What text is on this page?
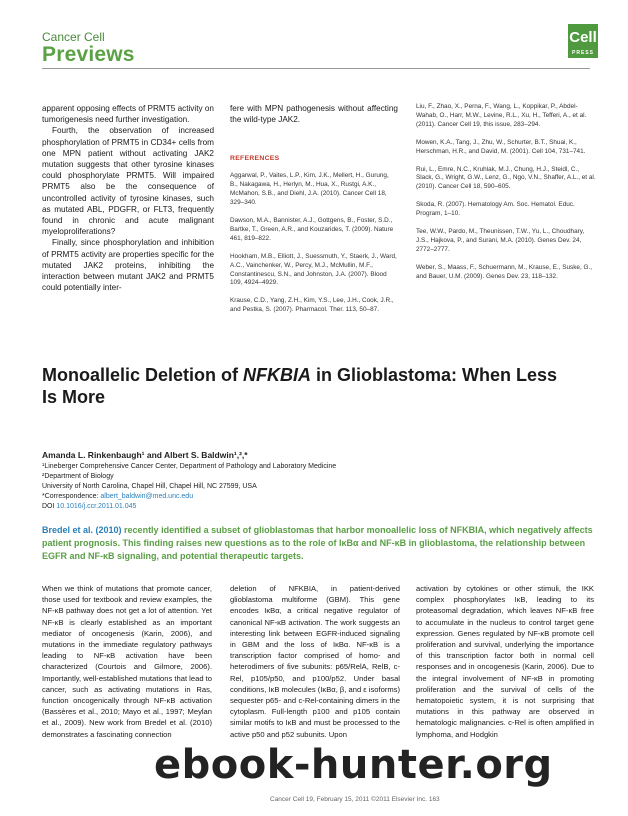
Cancer Cell
Previews
Cell
PRESS

apparent opposing effects of PRMT5 activity on tumorigenesis need further investigation.

Fourth, the observation of increased phosphorylation of PRMT5 in CD34+ cells from one MPN patient without activating JAK2 mutation suggests that other tyrosine kinases could phosphorylate PRMT5. Will impaired PRMT5 also be the consequence of uncontrolled activity of tyrosine kinases, such as mutated ABL, PDGFR, or FLT3, frequently found in chronic and acute malignant myeloproliferations?

Finally, since phosphorylation and inhibition of PRMT5 activity are properties specific for the mutated JAK2 proteins, inhibiting the interaction between mutant JAK2 and PRMT5 could potentially inter-

fere with MPN pathogenesis without affecting the wild-type JAK2.

REFERENCES
Aggarwal, P., Vaites, L.P., Kim, J.K., Mellert, H., Gurung, B., Nakagawa, H., Herlyn, M., Hua, X., Rustgi, A.K., McMahon, S.B., and Diehl, J.A. (2010). Cancer Cell 18, 329–340.
Dawson, M.A., Bannister, A.J., Gottgens, B., Foster, S.D., Bartke, T., Green, A.R., and Kouzarides, T. (2009). Nature 461, 819–822.
Hookham, M.B., Elliott, J., Suessmuth, Y., Staerk, J., Ward, A.C., Vainchenker, W., Percy, M.J., McMullin, M.F., Constantinescu, S.N., and Johnston, J.A. (2007). Blood 109, 4924–4929.
Krause, C.D., Yang, Z.H., Kim, Y.S., Lee, J.H., Cook, J.R., and Pestka, S. (2007). Pharmacol. Ther. 113, 50–87.
Liu, F., Zhao, X., Perna, F., Wang, L., Koppikar, P., Abdel-Wahab, O., Harr, M.W., Levine, R.L., Xu, H., Tefferi, A., et al. (2011). Cancer Cell 19, this issue, 283–294.
Mowen, K.A., Tang, J., Zhu, W., Schurter, B.T., Shuai, K., Herschman, H.R., and David, M. (2001). Cell 104, 731–741.
Rui, L., Emre, N.C., Kruhlak, M.J., Chung, H.J., Steidl, C., Slack, G., Wright, G.W., Lenz, G., Ngo, V.N., Shaffer, A.L., et al. (2010). Cancer Cell 18, 590–605.
Skoda, R. (2007). Hematology Am. Soc. Hematol. Educ. Program, 1–10.
Tee, W.W., Pardo, M., Theunissen, T.W., Yu, L., Choudhary, J.S., Hajkova, P., and Surani, M.A. (2010). Genes Dev. 24, 2772–2777.
Weber, S., Maass, F., Schuermann, M., Krause, E., Suske, G., and Bauer, U.M. (2009). Genes Dev. 23, 118–132.
Monoallelic Deletion of NFKBIA in Glioblastoma: When Less Is More
Amanda L. Rinkenbaugh¹ and Albert S. Baldwin¹,²,*
¹Lineberger Comprehensive Cancer Center, Department of Pathology and Laboratory Medicine
²Department of Biology
University of North Carolina, Chapel Hill, Chapel Hill, NC 27599, USA
*Correspondence: albert_baldwin@med.unc.edu
DOI 10.1016/j.ccr.2011.01.045
Bredel et al. (2010) recently identified a subset of glioblastomas that harbor monoallelic loss of NFKBIA, which negatively affects patient prognosis. This finding raises new questions as to the role of IκBα and NF-κB in glioblastoma, the relationship between EGFR and NF-κB signaling, and potential therapeutic targets.
When we think of mutations that promote cancer, those used for textbook and review examples, the NF-κB pathway does not get a lot of attention. Yet NF-κB is clearly established as an important mediator of oncogenesis (Karin, 2006), and mutations in the immediate regulatory pathways leading to NF-κB activation have been characterized (Courtois and Gilmore, 2006). Importantly, well-established mutations that lead to cancer, such as activating mutations in Ras, function oncogenically through NF-κB activation (Bassères et al., 2010; Mayo et al., 1997; Meylan et al., 2009). New work from Bredel et al. (2010) demonstrates a fascinating connection
deletion of NFKBIA, in patient-derived glioblastoma multiforme (GBM). This gene encodes IκBα, a critical negative regulator of canonical NF-κB activation. The work suggests an interesting link between EGFR-induced signaling in GBM and the loss of IκBα. NF-κB is a transcription factor comprised of homo- and heterodimers of five subunits: p65/RelA, RelB, c-Rel, p105/p50, and p100/p52. Under basal conditions, IκB molecules (IκBα, β, and ε isoforms) sequester p65- and c-Rel-containing dimers in the cytoplasm. Full-length p100 and p105 contain similar motifs to IκB and must be processed to the active p50 and p52 subunits. Upon
activation by cytokines or other stimuli, the IKK complex phosphorylates IκB, leading to its proteasomal degradation, which leaves NF-κB free to accumulate in the nucleus to control target gene expression. Genes regulated by NF-κB promote cell proliferation and survival, underlying the importance of this transcription factor both in normal cell responses and in oncogenesis (Karin, 2006). Due to the integral involvement of NF-κB in promoting proliferation and the survival of cells of the hematopoietic system, it is not surprising that mutations in this pathway are observed in hematologic malignancies. c-Rel is often amplified in lymphoma, and Hodgkin
Cancer Cell 19, February 15, 2011 ©2011 Elsevier Inc. 163
ebook-hunter.org
